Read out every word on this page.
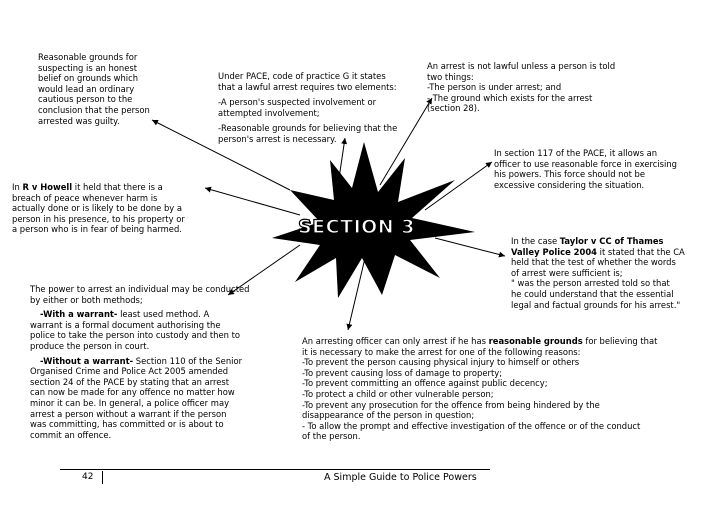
SECTION 3

Reasonable grounds for

suspecting is an honest

belief on grounds which

would lead an ordinary

cautious person to the

conclusion that the person

arrested was guilty.

Under PACE, code of practice G it states

that a lawful arrest requires two elements:

-A person's suspected involvement or

attempted involvement;

-Reasonable grounds for believing that the

person's arrest is necessary.

An arrest is not lawful unless a person is told

two things:

-The person is under arrest; and

- The ground which exists for the arrest

(section 28).

In section 117 of the PACE, it allows an

officer to use reasonable force in exercising

his powers. This force should not be

excessive considering the situation.

In R v Howell it held that there is a

breach of peace whenever harm is

actually done or is likely to be done by a

person in his presence, to his property or

a person who is in fear of being harmed.

In the case Taylor v CC of Thames

Valley Police 2004 it stated that the CA

held that the test of whether the words

of arrest were sufficient is;

" was the person arrested told so that

he could understand that the essential

legal and factual grounds for his arrest."

The power to arrest an individual may be conducted

by either or both methods;

-With a warrant- least used method. A

warrant is a formal document authorising the

police to take the person into custody and then to

produce the person in court.

-Without a warrant- Section 110 of the Senior

Organised Crime and Police Act 2005 amended

section 24 of the PACE by stating that an arrest

can now be made for any offence no matter how

minor it can be. In general, a police officer may

arrest a person without a warrant if the person

was committing, has committed or is about to

commit an offence.

An arresting officer can only arrest if he has reasonable grounds for believing that

it is necessary to make the arrest for one of the following reasons:

-To prevent the person causing physical injury to himself or others

-To prevent causing loss of damage to property;

-To prevent committing an offence against public decency;

-To protect a child or other vulnerable person;

-To prevent any prosecution for the offence from being hindered by the

disappearance of the person in question;

- To allow the prompt and effective investigation of the offence or of the conduct

of the person.

42	A Simple Guide to Police Powers
